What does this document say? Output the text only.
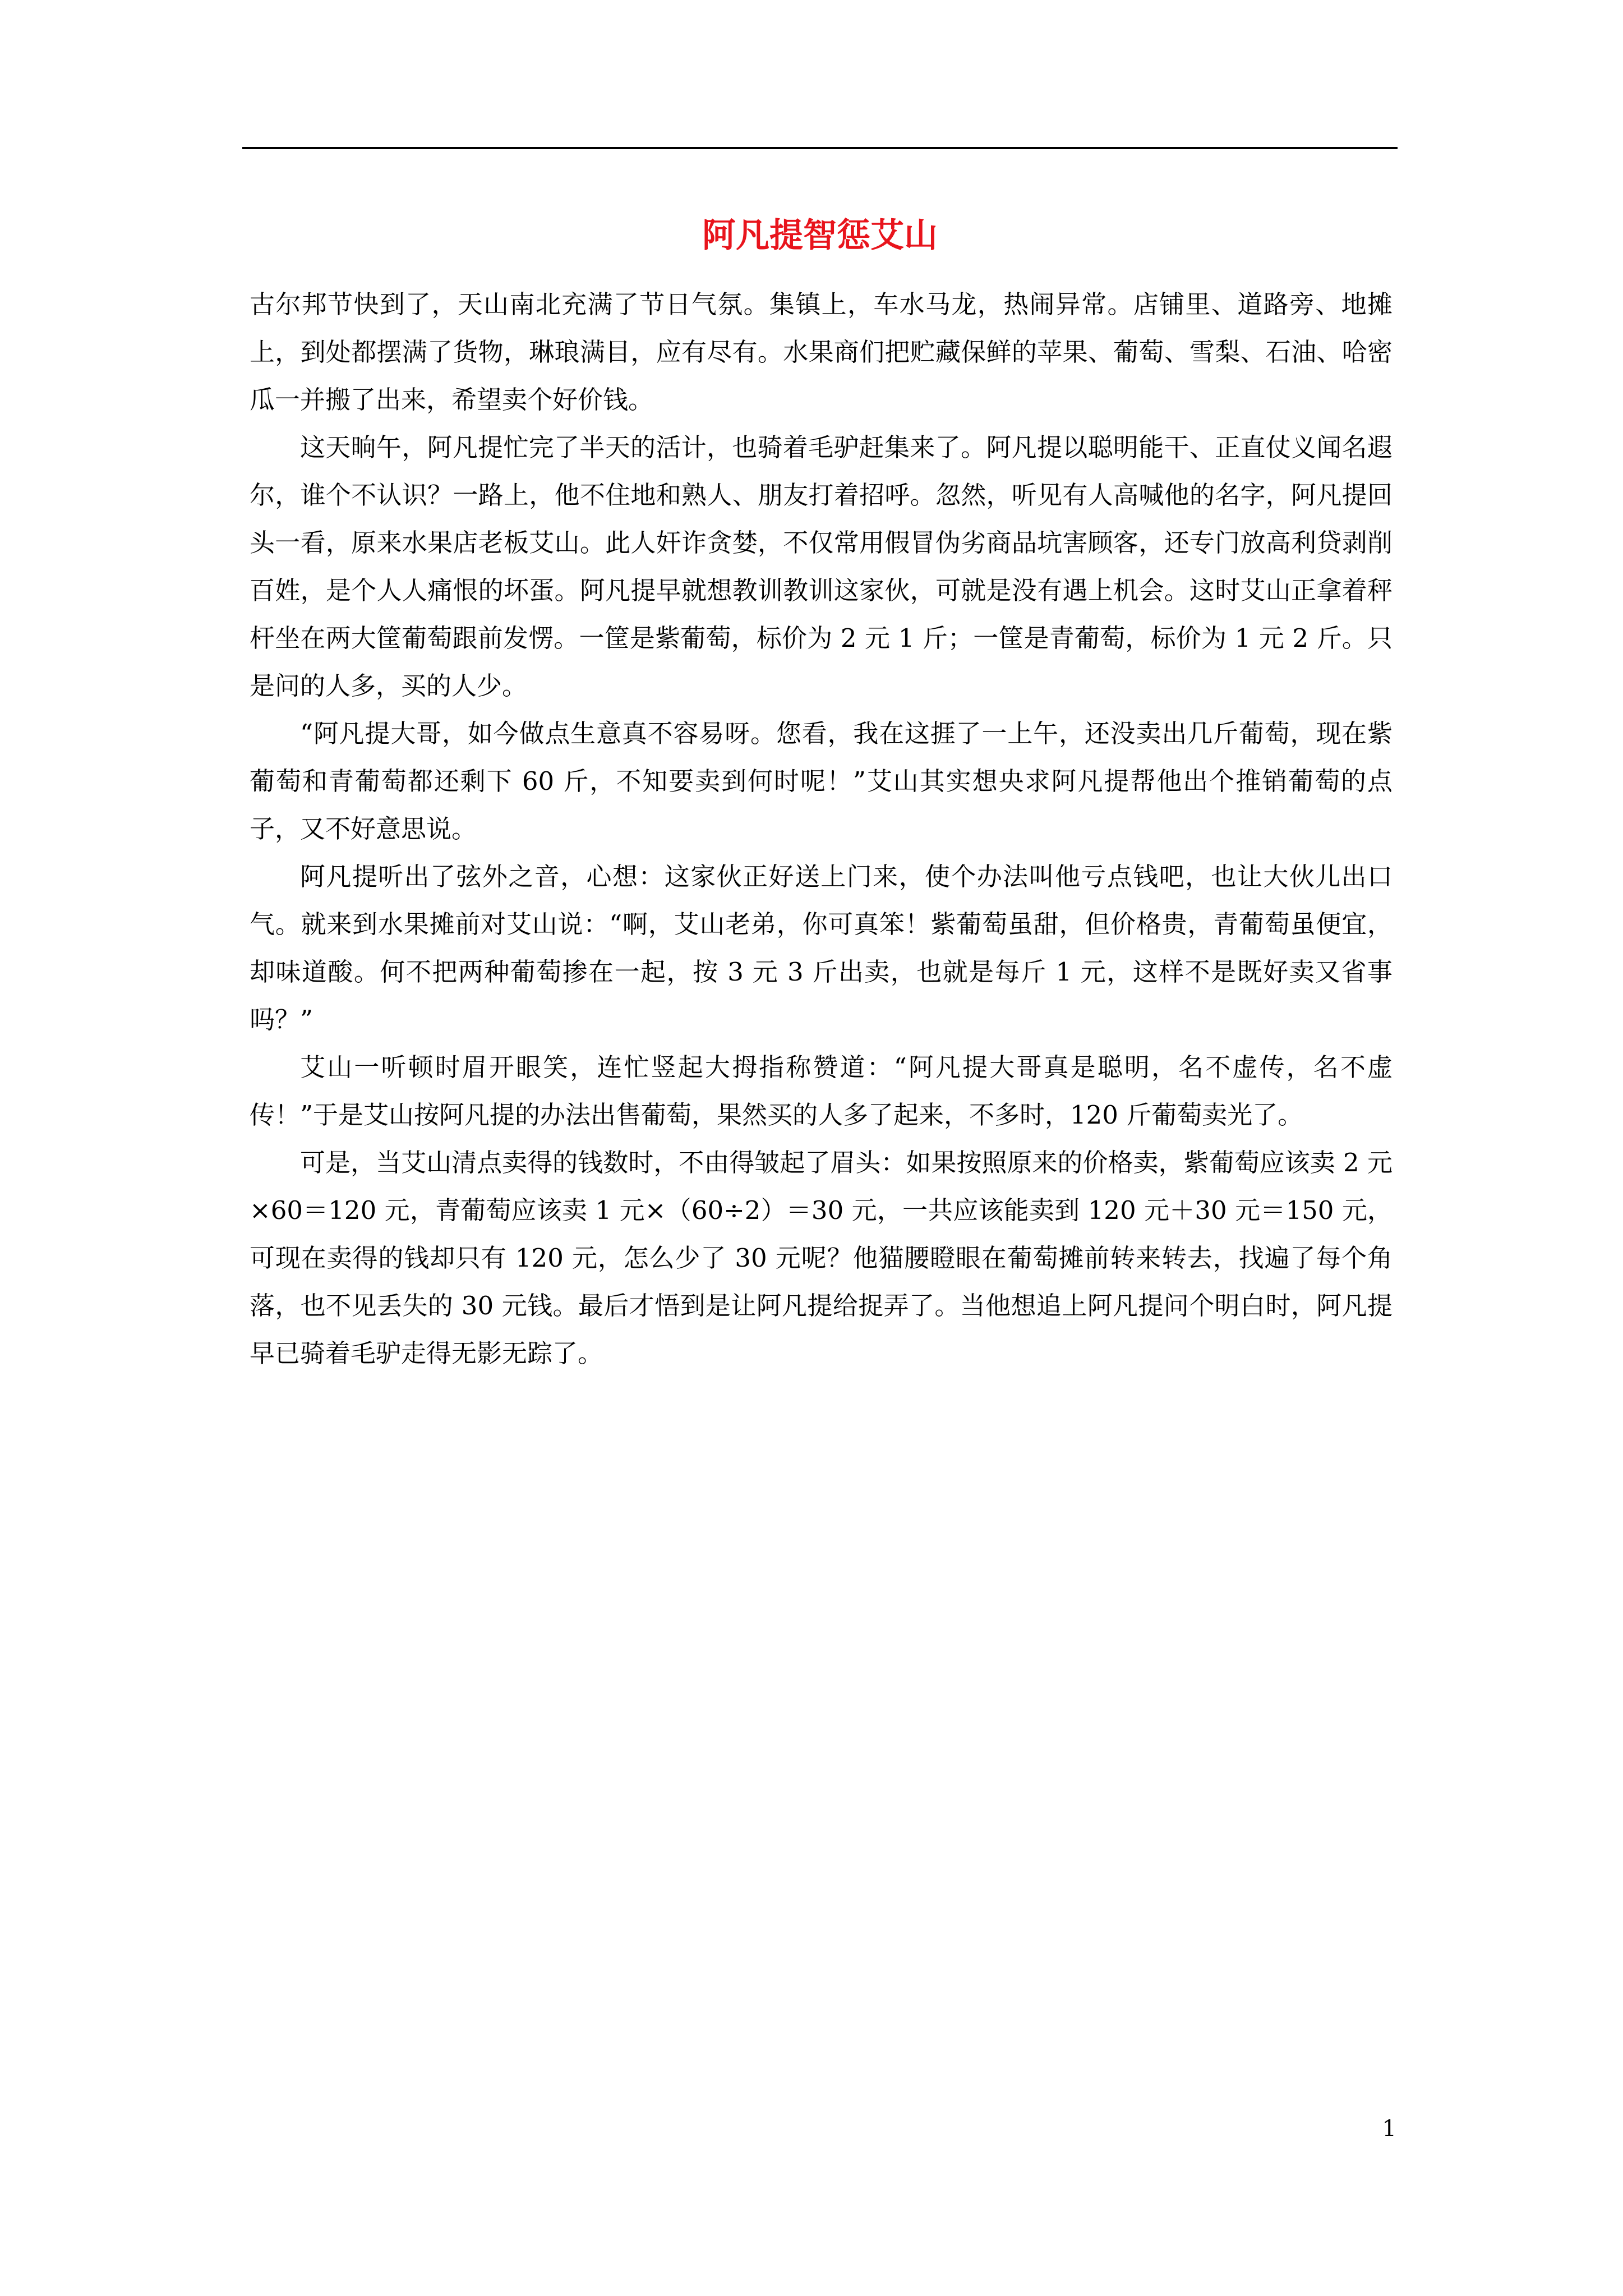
阿凡提智惩艾山

古尔邦节快到了，天山南北充满了节日气氛。集镇上，车水马龙，热闹异常。店铺里、道路旁、地摊上，到处都摆满了货物，琳琅满目，应有尽有。水果商们把贮藏保鲜的苹果、葡萄、雪梨、石油、哈密瓜一并搬了出来，希望卖个好价钱。

这天晌午，阿凡提忙完了半天的活计，也骑着毛驴赶集来了。阿凡提以聪明能干、正直仗义闻名遐尔，谁个不认识？一路上，他不住地和熟人、朋友打着招呼。忽然，听见有人高喊他的名字，阿凡提回头一看，原来水果店老板艾山。此人奸诈贪婪，不仅常用假冒伪劣商品坑害顾客，还专门放高利贷剥削百姓，是个人人痛恨的坏蛋。阿凡提早就想教训教训这家伙，可就是没有遇上机会。这时艾山正拿着秤杆坐在两大筐葡萄跟前发愣。一筐是紫葡萄，标价为 2 元 1 斤；一筐是青葡萄，标价为 1 元 2 斤。只是问的人多，买的人少。

“阿凡提大哥，如今做点生意真不容易呀。您看，我在这捱了一上午，还没卖出几斤葡萄，现在紫葡萄和青葡萄都还剩下 60 斤，不知要卖到何时呢！”艾山其实想央求阿凡提帮他出个推销葡萄的点子，又不好意思说。

阿凡提听出了弦外之音，心想：这家伙正好送上门来，使个办法叫他亏点钱吧，也让大伙儿出口气。就来到水果摊前对艾山说：“啊，艾山老弟，你可真笨！紫葡萄虽甜，但价格贵，青葡萄虽便宜，却味道酸。何不把两种葡萄掺在一起，按 3 元 3 斤出卖，也就是每斤 1 元，这样不是既好卖又省事吗？”

艾山一听顿时眉开眼笑，连忙竖起大拇指称赞道：“阿凡提大哥真是聪明，名不虚传，名不虚传！”于是艾山按阿凡提的办法出售葡萄，果然买的人多了起来，不多时，120 斤葡萄卖光了。

可是，当艾山清点卖得的钱数时，不由得皱起了眉头：如果按照原来的价格卖，紫葡萄应该卖 2 元×60＝120 元，青葡萄应该卖 1 元×（60÷2）＝30 元，一共应该能卖到 120 元＋30 元＝150 元，可现在卖得的钱却只有 120 元，怎么少了 30 元呢？他猫腰瞪眼在葡萄摊前转来转去，找遍了每个角落，也不见丢失的 30 元钱。最后才悟到是让阿凡提给捉弄了。当他想追上阿凡提问个明白时，阿凡提早已骑着毛驴走得无影无踪了。

1
